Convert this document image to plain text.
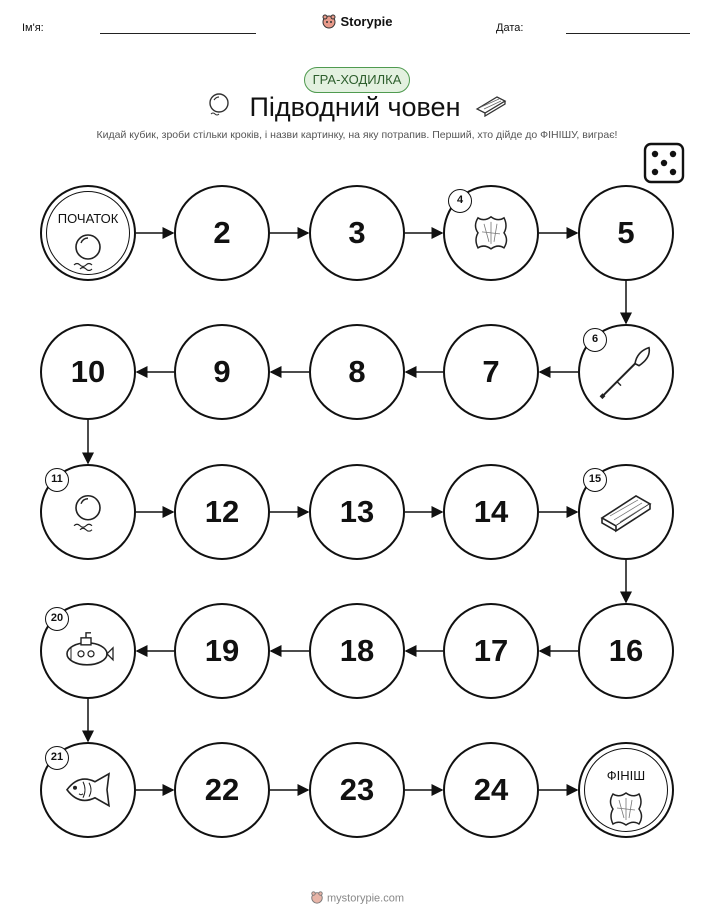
Ім'я:	Storypie	Дата:
ГРА-ХОДИЛКА
Підводний човен
Кидай кубик, зроби стільки кроків, і назви картинку, на яку потрапив. Перший, хто дійде до ФІНІШУ, виграє!
ПОЧАТОК	2	3
4
5
6
7
8
9
10
11
12	13	14
15
16
17
18
19
20
21
22	23	24	ФІНІШ
mystorypie.com
